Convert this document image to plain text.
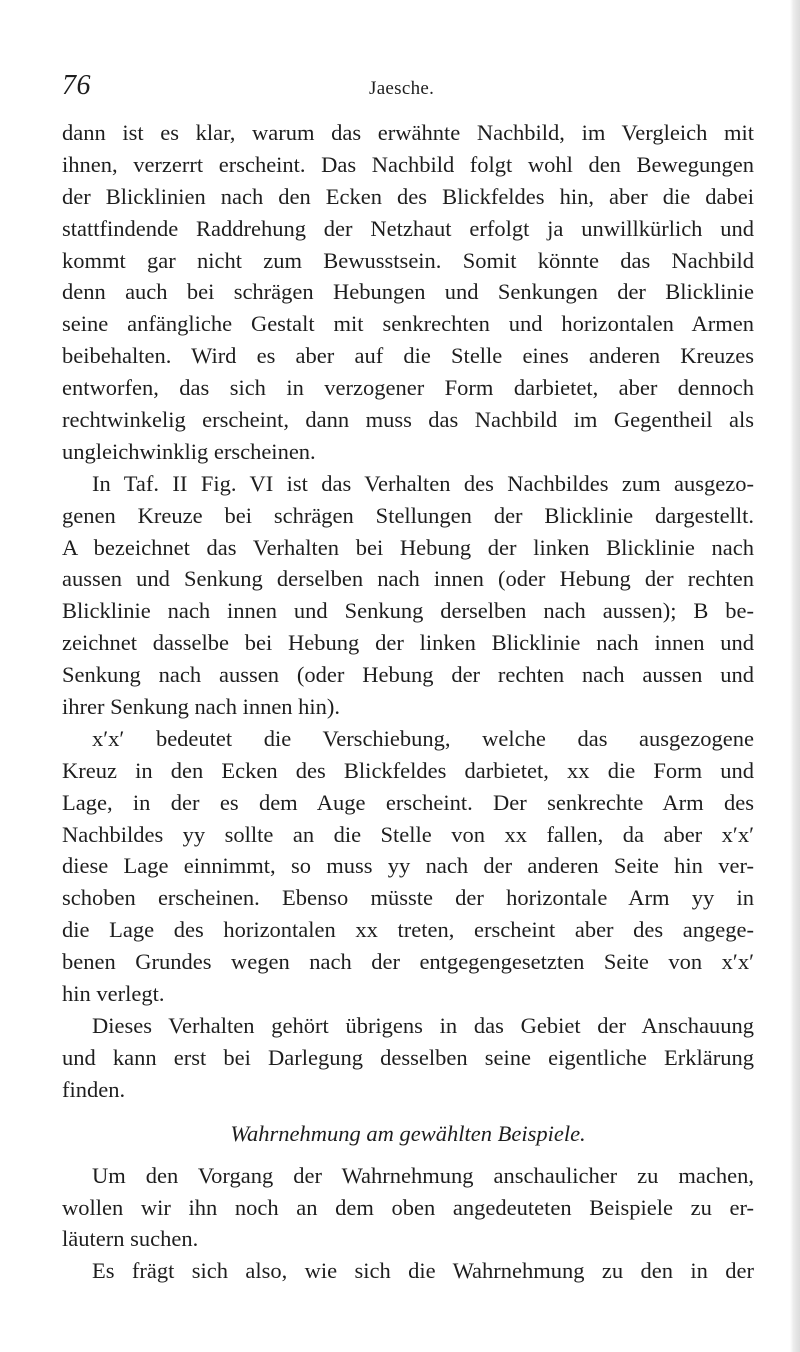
76	Jaesche.
dann ist es klar, warum das erwähnte Nachbild, im Vergleich mit
ihnen, verzerrt erscheint. Das Nachbild folgt wohl den Bewegungen
der Blicklinien nach den Ecken des Blickfeldes hin, aber die dabei
stattfindende Raddrehung der Netzhaut erfolgt ja unwillkürlich und
kommt gar nicht zum Bewusstsein. Somit könnte das Nachbild
denn auch bei schrägen Hebungen und Senkungen der Blicklinie
seine anfängliche Gestalt mit senkrechten und horizontalen Armen
beibehalten. Wird es aber auf die Stelle eines anderen Kreuzes
entworfen, das sich in verzogener Form darbietet, aber dennoch
rechtwinkelig erscheint, dann muss das Nachbild im Gegentheil als
ungleichwinklig erscheinen.
In Taf. II Fig. VI ist das Verhalten des Nachbildes zum ausgezo-
genen Kreuze bei schrägen Stellungen der Blicklinie dargestellt.
A bezeichnet das Verhalten bei Hebung der linken Blicklinie nach
aussen und Senkung derselben nach innen (oder Hebung der rechten
Blicklinie nach innen und Senkung derselben nach aussen); B be-
zeichnet dasselbe bei Hebung der linken Blicklinie nach innen und
Senkung nach aussen (oder Hebung der rechten nach aussen und
ihrer Senkung nach innen hin).
x′x′ bedeutet die Verschiebung, welche das ausgezogene
Kreuz in den Ecken des Blickfeldes darbietet, xx die Form und
Lage, in der es dem Auge erscheint. Der senkrechte Arm des
Nachbildes yy sollte an die Stelle von xx fallen, da aber x′x′
diese Lage einnimmt, so muss yy nach der anderen Seite hin ver-
schoben erscheinen. Ebenso müsste der horizontale Arm yy in
die Lage des horizontalen xx treten, erscheint aber des angege-
benen Grundes wegen nach der entgegengesetzten Seite von x′x′
hin verlegt.
Dieses Verhalten gehört übrigens in das Gebiet der Anschauung
und kann erst bei Darlegung desselben seine eigentliche Erklärung
finden.
Wahrnehmung am gewählten Beispiele.
Um den Vorgang der Wahrnehmung anschaulicher zu machen,
wollen wir ihn noch an dem oben angedeuteten Beispiele zu er-
läutern suchen.
Es frägt sich also, wie sich die Wahrnehmung zu den in der
